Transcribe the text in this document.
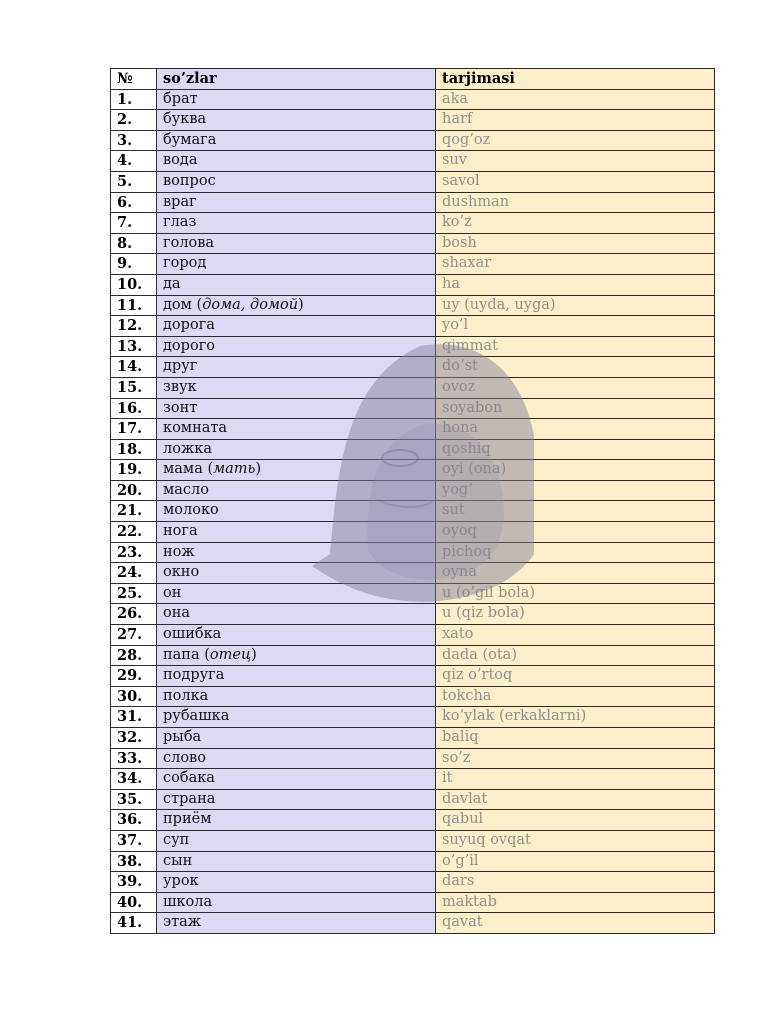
№	so’zlar	tarjimasi
1.	брат	aka
2.	буква	harf
3.	бумага	qog’oz
4.	вода	suv
5.	вопрос	savol
6.	враг	dushman
7.	глаз	ko’z
8.	голова	bosh
9.	город	shaxar
10.	да	ha
11.	дом (дома, домой)	uy (uyda, uyga)
12.	дорога	yo’l
13.	дорого	qimmat
14.	друг	do’st
15.	звук	ovoz
16.	зонт	soyabon
17.	комната	hona
18.	ложка	qoshiq
19.	мама (мать)	oyi (ona)
20.	масло	yog’
21.	молоко	sut
22.	нога	oyoq
23.	нож	pichoq
24.	окно	oyna
25.	он	u (o’gil bola)
26.	она	u (qiz bola)
27.	ошибка	xato
28.	папа (отец)	dada (ota)
29.	подруга	qiz o’rtoq
30.	полка	tokcha
31.	рубашка	ko’ylak (erkaklarni)
32.	рыба	baliq
33.	слово	so’z
34.	собака	it
35.	страна	davlat
36.	приём	qabul
37.	суп	suyuq ovqat
38.	сын	o’g’il
39.	урок	dars
40.	школа	maktab
41.	этаж	qavat
